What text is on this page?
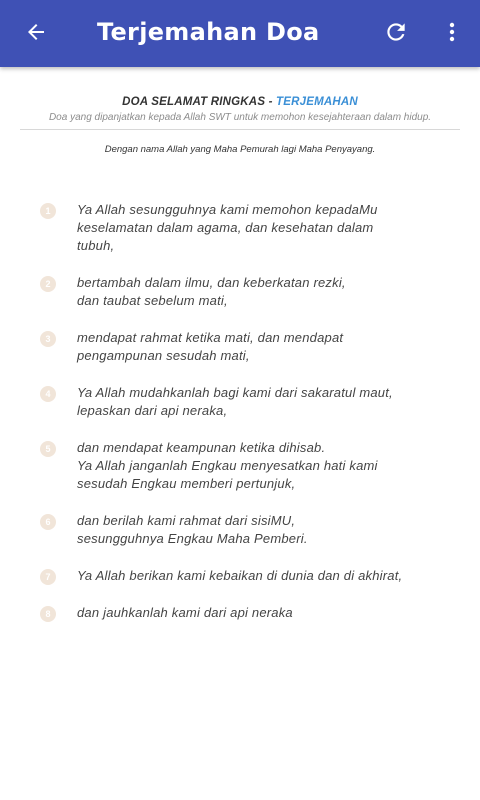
Terjemahan Doa
DOA SELAMAT RINGKAS - TERJEMAHAN
Doa yang dipanjatkan kepada Allah SWT untuk memohon kesejahteraan dalam hidup.
Dengan nama Allah yang Maha Pemurah lagi Maha Penyayang.
1	Ya Allah sesungguhnya kami memohon kepadaMu
keselamatan dalam agama, dan kesehatan dalam
tubuh,
2	bertambah dalam ilmu, dan keberkatan rezki,
dan taubat sebelum mati,
3	mendapat rahmat ketika mati, dan mendapat
pengampunan sesudah mati,
4	Ya Allah mudahkanlah bagi kami dari sakaratul maut,
lepaskan dari api neraka,
5	dan mendapat keampunan ketika dihisab.
Ya Allah janganlah Engkau menyesatkan hati kami
sesudah Engkau memberi pertunjuk,
6	dan berilah kami rahmat dari sisiMU,
sesungguhnya Engkau Maha Pemberi.
7	Ya Allah berikan kami kebaikan di dunia dan di akhirat,
8	dan jauhkanlah kami dari api neraka
